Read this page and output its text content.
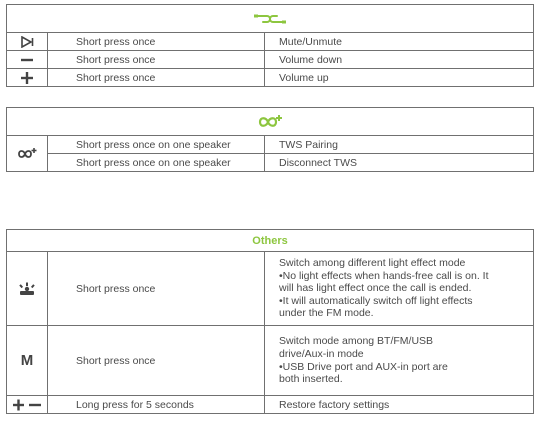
	Short press once	Mute/Unmute

	Short press once	Volume down

	Short press once	Volume up

	Short press once on one speaker	TWS Pairing
	Short press once on one speaker	Disconnect TWS
Others		

	Short press once	Switch among different light effect mode
•No light effects when hands-free call is on. It
will has light effect once the call is ended.
•It will automatically switch off light effects
under the FM mode.

M	Short press once	Switch mode among BT/FM/USB
drive/Aux-in mode
•USB Drive port and AUX-in port are
both inserted.

	Long press for 5 seconds	Restore factory settings
